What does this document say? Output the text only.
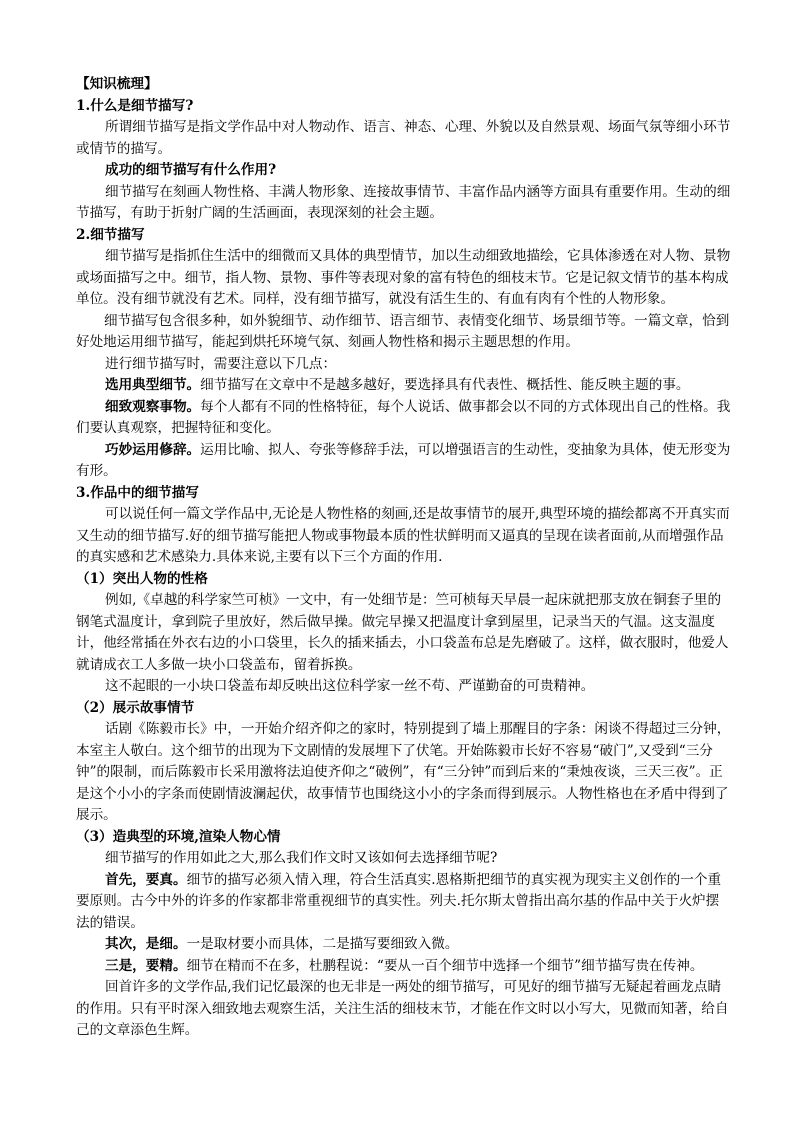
【知识梳理】

1.什么是细节描写?

所谓细节描写是指文学作品中对人物动作、语言、神态、心理、外貌以及自然景观、场面气氛等细小环节或情节的描写。

成功的细节描写有什么作用?

细节描写在刻画人物性格、丰满人物形象、连接故事情节、丰富作品内涵等方面具有重要作用。生动的细节描写，有助于折射广阔的生活画面，表现深刻的社会主题。

2.细节描写

细节描写是指抓住生活中的细微而又具体的典型情节，加以生动细致地描绘，它具体渗透在对人物、景物或场面描写之中。细节，指人物、景物、事件等表现对象的富有特色的细枝末节。它是记叙文情节的基本构成单位。没有细节就没有艺术。同样，没有细节描写，就没有活生生的、有血有肉有个性的人物形象。

细节描写包含很多种，如外貌细节、动作细节、语言细节、表情变化细节、场景细节等。一篇文章，恰到好处地运用细节描写，能起到烘托环境气氛、刻画人物性格和揭示主题思想的作用。

进行细节描写时，需要注意以下几点：

选用典型细节。细节描写在文章中不是越多越好，要选择具有代表性、概括性、能反映主题的事。

细致观察事物。每个人都有不同的性格特征，每个人说话、做事都会以不同的方式体现出自己的性格。我们要认真观察，把握特征和变化。

巧妙运用修辞。运用比喻、拟人、夸张等修辞手法，可以增强语言的生动性，变抽象为具体，使无形变为有形。

3.作品中的细节描写

可以说任何一篇文学作品中,无论是人物性格的刻画,还是故事情节的展开,典型环境的描绘都离不开真实而又生动的细节描写.好的细节描写能把人物或事物最本质的性状鲜明而又逼真的呈现在读者面前,从而增强作品的真实感和艺术感染力.具体来说,主要有以下三个方面的作用.

（1）突出人物的性格

例如,《卓越的科学家竺可桢》一文中，有一处细节是：竺可桢每天早晨一起床就把那支放在铜套子里的钢笔式温度计，拿到院子里放好，然后做早操。做完早操又把温度计拿到屋里，记录当天的气温。这支温度计，他经常插在外衣右边的小口袋里，长久的插来插去，小口袋盖布总是先磨破了。这样，做衣服时，他爱人就请成衣工人多做一块小口袋盖布，留着拆换。

这不起眼的一小块口袋盖布却反映出这位科学家一丝不苟、严谨勤奋的可贵精神。

（2）展示故事情节

话剧《陈毅市长》中，一开始介绍齐仰之的家时，特别提到了墙上那醒目的字条：闲谈不得超过三分钟，本室主人敬白。这个细节的出现为下文剧情的发展埋下了伏笔。开始陈毅市长好不容易“破门”,又受到“三分钟”的限制，而后陈毅市长采用激将法迫使齐仰之“破例”，有“三分钟”而到后来的“秉烛夜谈，三天三夜”。正是这个小小的字条而使剧情波澜起伏，故事情节也围绕这小小的字条而得到展示。人物性格也在矛盾中得到了展示。

（3）造典型的环境,渲染人物心情

细节描写的作用如此之大,那么我们作文时又该如何去选择细节呢?

首先，要真。细节的描写必须入情入理，符合生活真实.恩格斯把细节的真实视为现实主义创作的一个重要原则。古今中外的许多的作家都非常重视细节的真实性。列夫.托尔斯太曾指出高尔基的作品中关于火炉摆法的错误。

其次，是细。一是取材要小而具体，二是描写要细致入微。

三是，要精。细节在精而不在多，杜鹏程说：“要从一百个细节中选择一个细节”细节描写贵在传神。

回首许多的文学作品,我们记忆最深的也无非是一两处的细节描写，可见好的细节描写无疑起着画龙点睛的作用。只有平时深入细致地去观察生活，关注生活的细枝末节，才能在作文时以小写大，见微而知著，给自己的文章添色生辉。
